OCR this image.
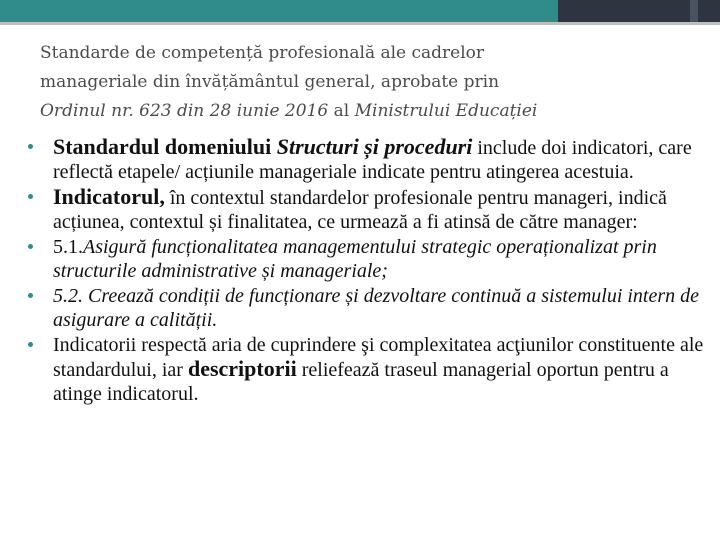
Standarde de competență profesională ale cadrelor
manageriale din învățământul general, aprobate prin
Ordinul nr. 623 din 28 iunie 2016 al Ministrului Educației
Standardul domeniului Structuri și proceduri include doi indicatori, care reflectă etapele/ acțiunile manageriale indicate pentru atingerea acestuia.
Indicatorul, în contextul standardelor profesionale pentru manageri, indică acțiunea, contextul și finalitatea, ce urmează a fi atinsă de către manager:
5.1.Asigură funcționalitatea managementului strategic operaționalizat prin structurile administrative și manageriale;
5.2. Creează condiții de funcționare și dezvoltare continuă a sistemului intern de asigurare a calității.
Indicatorii respectă aria de cuprindere şi complexitatea acţiunilor constituente ale standardului, iar descriptorii reliefează traseul managerial oportun pentru a atinge indicatorul.
